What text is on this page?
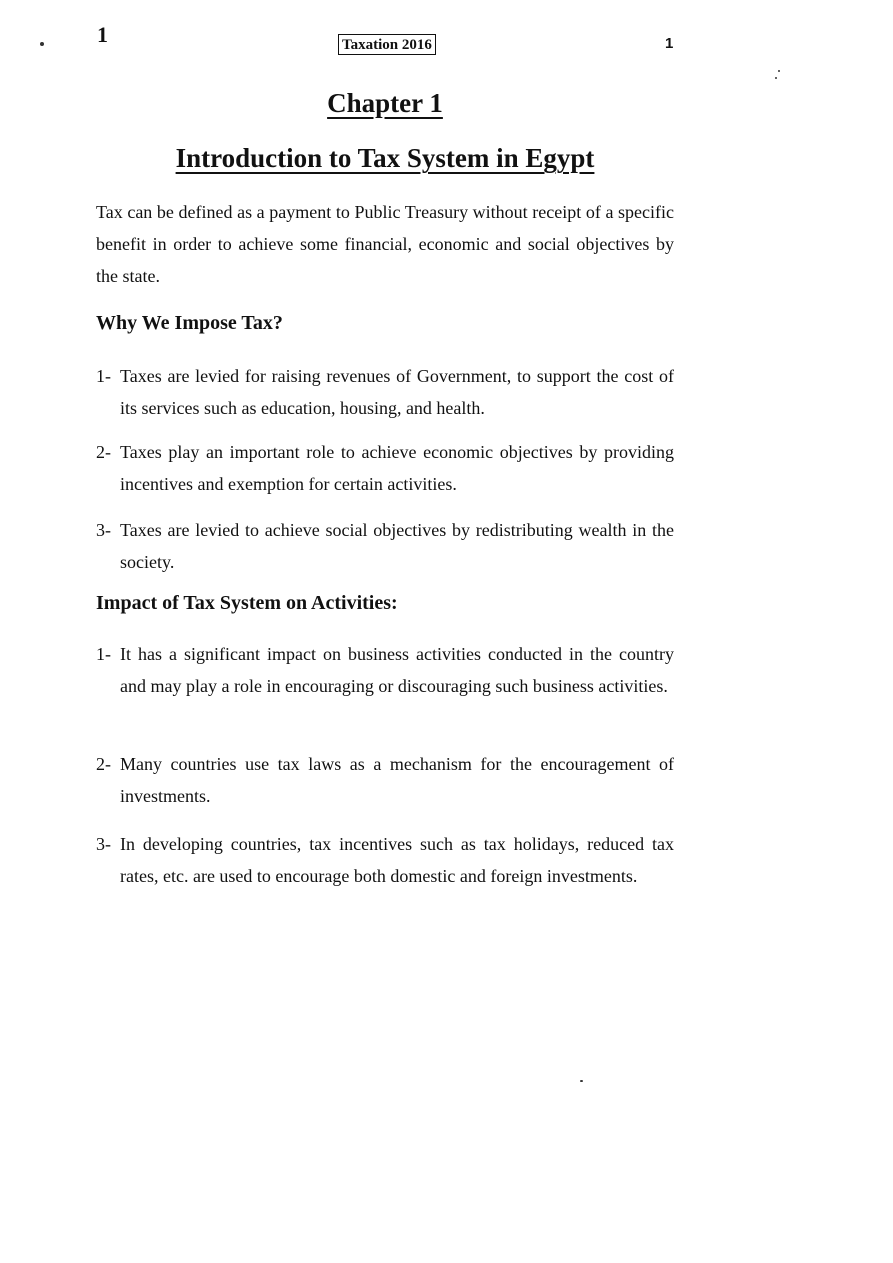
1	Taxation 2016	1
Chapter 1
Introduction to Tax System in Egypt
Tax can be defined as a payment to Public Treasury without receipt of a specific benefit in order to achieve some financial, economic and social objectives by the state.
Why We Impose Tax?
1- Taxes are levied for raising revenues of Government, to support the cost of its services such as education, housing, and health.
2- Taxes play an important role to achieve economic objectives by providing incentives and exemption for certain activities.
3- Taxes are levied to achieve social objectives by redistributing wealth in the society.
Impact of Tax System on Activities:
1- It has a significant impact on business activities conducted in the country and may play a role in encouraging or discouraging such business activities.
2- Many countries use tax laws as a mechanism for the encouragement of investments.
3- In developing countries, tax incentives such as tax holidays, reduced tax rates, etc. are used to encourage both domestic and foreign investments.
